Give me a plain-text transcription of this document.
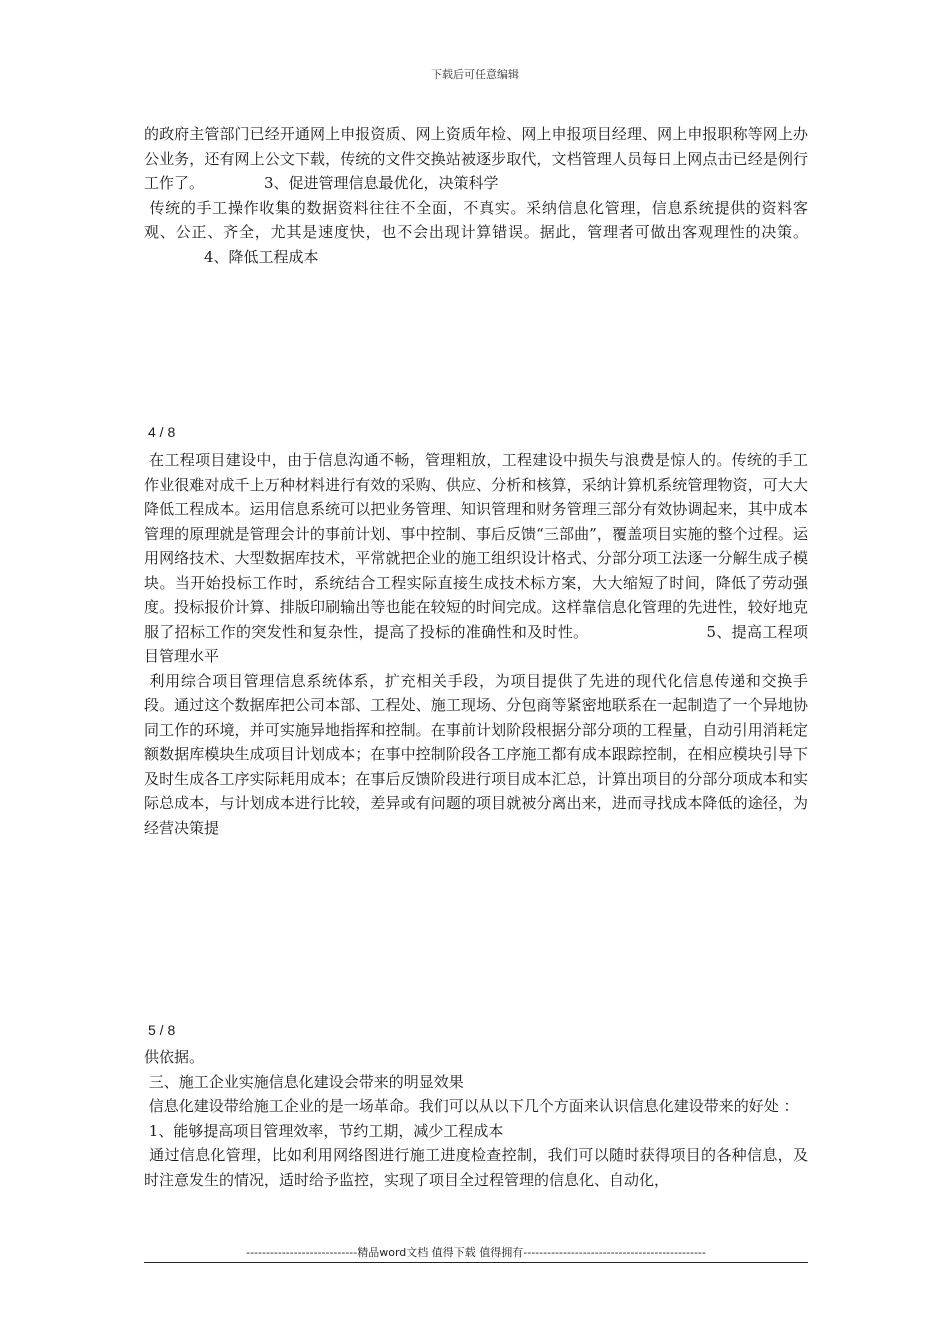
下载后可任意编辑

的政府主管部门已经开通网上申报资质、网上资质年检、网上申报项目经理、网上申报职称等网上办公业务，还有网上公文下载，传统的文件交换站被逐步取代，文档管理人员每日上网点击已经是例行工作了。	3、促进管理信息最优化，决策科学

传统的手工操作收集的数据资料往往不全面，不真实。采纳信息化管理，信息系统提供的资料客观、公正、齐全，尤其是速度快，也不会出现计算错误。据此，管理者可做出客观理性的决策。4、降低工程成本

4 / 8

在工程项目建设中，由于信息沟通不畅，管理粗放，工程建设中损失与浪费是惊人的。传统的手工作业很难对成千上万种材料进行有效的采购、供应、分析和核算，采纳计算机系统管理物资，可大大降低工程成本。运用信息系统可以把业务管理、知识管理和财务管理三部分有效协调起来，其中成本管理的原理就是管理会计的事前计划、事中控制、事后反馈“三部曲”，覆盖项目实施的整个过程。运用网络技术、大型数据库技术，平常就把企业的施工组织设计格式、分部分项工法逐一分解生成子模块。当开始投标工作时，系统结合工程实际直接生成技术标方案，大大缩短了时间，降低了劳动强度。投标报价计算、排版印刷输出等也能在较短的时间完成。这样靠信息化管理的先进性，较好地克服了招标工作的突发性和复杂性，提高了投标的准确性和及时性。	5、提高工程项目管理水平

利用综合项目管理信息系统体系，扩充相关手段，为项目提供了先进的现代化信息传递和交换手段。通过这个数据库把公司本部、工程处、施工现场、分包商等紧密地联系在一起制造了一个异地协同工作的环境，并可实施异地指挥和控制。在事前计划阶段根据分部分项的工程量，自动引用消耗定额数据库模块生成项目计划成本；在事中控制阶段各工序施工都有成本跟踪控制，在相应模块引导下及时生成各工序实际耗用成本；在事后反馈阶段进行项目成本汇总，计算出项目的分部分项成本和实际总成本，与计划成本进行比较，差异或有问题的项目就被分离出来，进而寻找成本降低的途径，为经营决策提

5 / 8

供依据。

三、施工企业实施信息化建设会带来的明显效果

信息化建设带给施工企业的是一场革命。我们可以从以下几个方面来认识信息化建设带来的好处 ：

1、能够提高项目管理效率，节约工期，减少工程成本

通过信息化管理，比如利用网络图进行施工进度检查控制，我们可以随时获得项目的各种信息，及时注意发生的情况，适时给予监控，实现了项目全过程管理的信息化、自动化，

----------------------------精品word文档 值得下载 值得拥有----------------------------------------------
